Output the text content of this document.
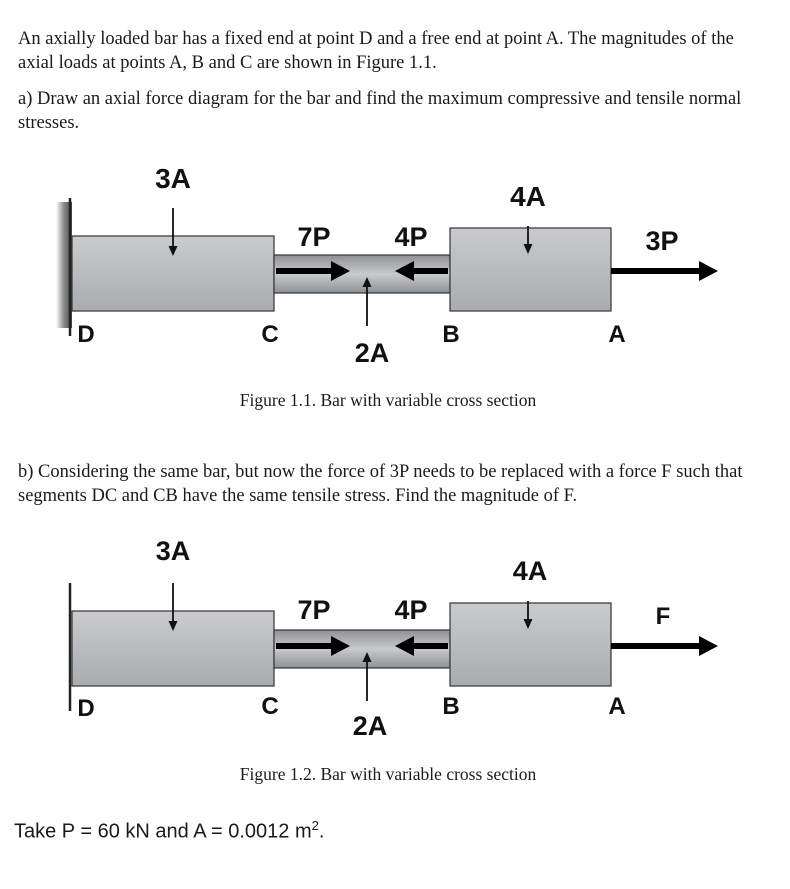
An axially loaded bar has a fixed end at point D and a free end at point A. The magnitudes of the axial loads at points A, B and C are shown in Figure 1.1.

a) Draw an axial force diagram for the bar and find the maximum compressive and tensile normal stresses.

3A
4A
2A
7P 4P	3P
D	C	B	A
Figure 1.1. Bar with variable cross section

b) Considering the same bar, but now the force of 3P needs to be replaced with a force F such that segments DC and CB have the same tensile stress. Find the magnitude of F.

3A
4A
2A
7P 4P	F
D	C	B	A
Figure 1.2. Bar with variable cross section
Take P = 60 kN and A = 0.0012 $m^2$.
